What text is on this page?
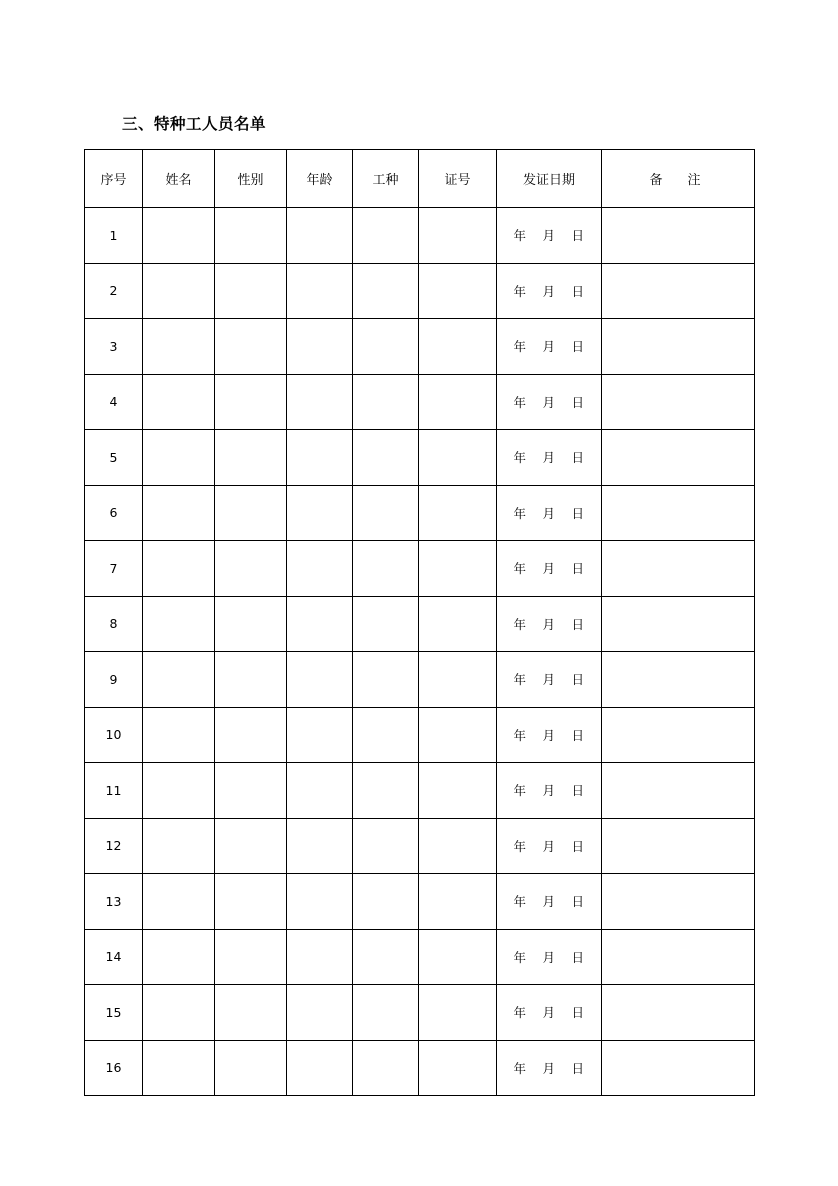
三、特种工人员名单
序号	姓名	性别	年龄	工种	证号	发证日期	备　注
1						年 月 日	
2						年 月 日	
3						年 月 日	
4						年 月 日	
5						年 月 日	
6						年 月 日	
7						年 月 日	
8						年 月 日	
9						年 月 日	
10						年 月 日	
11						年 月 日	
12						年 月 日	
13						年 月 日	
14						年 月 日	
15						年 月 日	
16						年 月 日	
